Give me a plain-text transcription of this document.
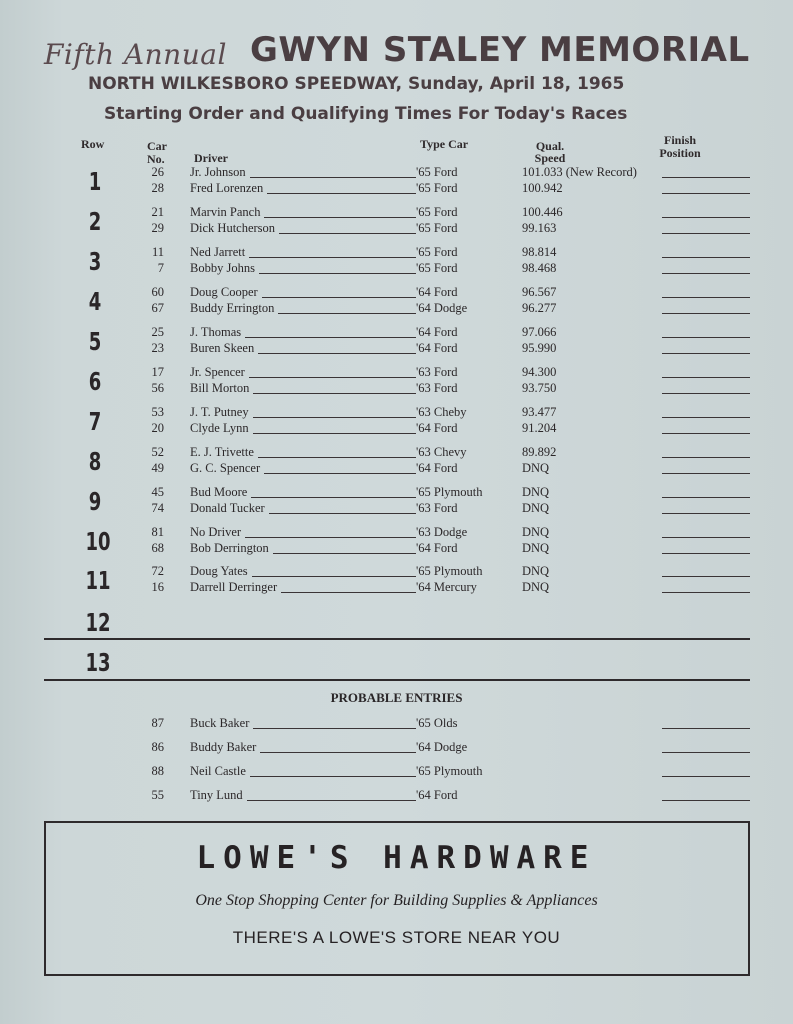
Fifth Annual GWYN STALEY MEMORIAL
NORTH WILKESBORO SPEEDWAY, Sunday, April 18, 1965
Starting Order and Qualifying Times For Today's Races
Row	Car
No. Driver
Type Car	Qual.
Speed
Finish
Position
1	26 Jr. Johnson	'65 Ford	101.033 (New Record)
28 Fred Lorenzen	'65 Ford	100.942
2	21 Marvin Panch	'65 Ford	100.446
29 Dick Hutcherson	'65 Ford	99.163
3	11 Ned Jarrett	'65 Ford	98.814
7 Bobby Johns	'65 Ford	98.468
4	60 Doug Cooper	'64 Ford	96.567
67 Buddy Errington	'64 Dodge	96.277
5	25 J. Thomas	'64 Ford	97.066
23 Buren Skeen	'64 Ford	95.990
6	17 Jr. Spencer	'63 Ford	94.300
56 Bill Morton	'63 Ford	93.750
7	53 J. T. Putney	'63 Cheby	93.477
20 Clyde Lynn	'64 Ford	91.204
8	52 E. J. Trivette	'63 Chevy	89.892
49 G. C. Spencer	'64 Ford	DNQ
9	45 Bud Moore	'65 Plymouth	DNQ
74 Donald Tucker	'63 Ford	DNQ
10	81 No Driver	'63 Dodge	DNQ
68 Bob Derrington	'64 Ford	DNQ
11	72 Doug Yates	'65 Plymouth	DNQ
16 Darrell Derringer	'64 Mercury	DNQ
12
13
PROBABLE ENTRIES
87 Buck Baker	'65 Olds
86 Buddy Baker	'64 Dodge
88 Neil Castle	'65 Plymouth
55 Tiny Lund	'64 Ford
LOWE'S HARDWARE
One Stop Shopping Center for Building Supplies & Appliances
THERE'S A LOWE'S STORE NEAR YOU
